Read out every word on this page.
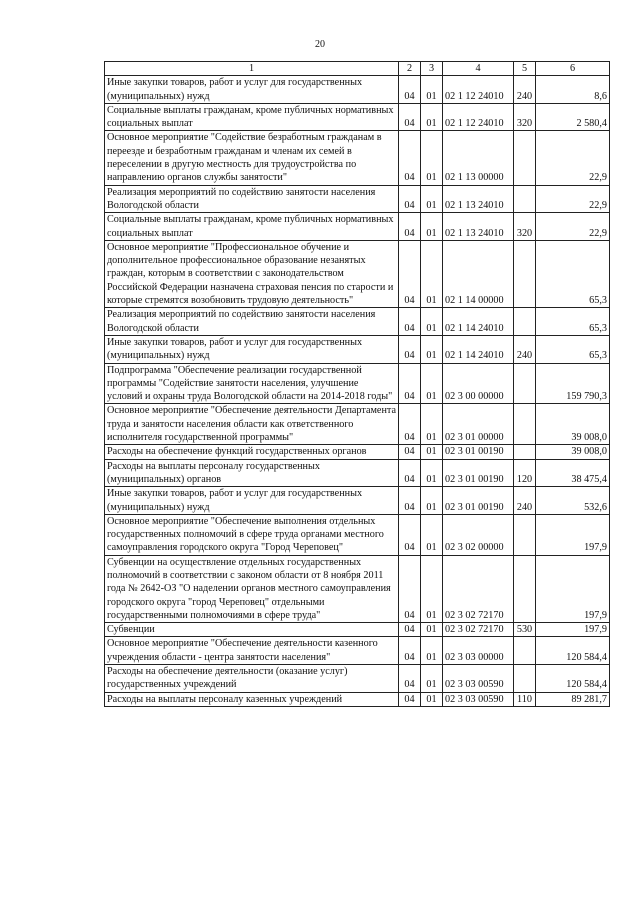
20
1	2	3	4	5	6
Иные закупки товаров, работ и услуг для государственных (муниципальных) нужд	04	01	02 1 12 24010	240	8,6
Социальные выплаты гражданам, кроме публичных нормативных социальных выплат	04	01	02 1 12 24010	320	2 580,4
Основное мероприятие "Содействие безработным гражданам в переезде и безработным гражданам и членам их семей в переселении в другую местность для трудоустройства по направлению органов службы занятости"	04	01	02 1 13 00000		22,9
Реализация мероприятий по содействию занятости населения Вологодской области	04	01	02 1 13 24010		22,9
Социальные выплаты гражданам, кроме публичных нормативных социальных выплат	04	01	02 1 13 24010	320	22,9
Основное мероприятие "Профессиональное обучение и дополнительное профессиональное образование незанятых граждан, которым в соответствии с законодательством Российской Федерации назначена страховая пенсия по старости и которые стремятся возобновить трудовую деятельность"	04	01	02 1 14 00000		65,3
Реализация мероприятий по содействию занятости населения Вологодской области	04	01	02 1 14 24010		65,3
Иные закупки товаров, работ и услуг для государственных (муниципальных) нужд	04	01	02 1 14 24010	240	65,3
Подпрограмма "Обеспечение реализации государственной программы "Содействие занятости населения, улучшение условий и охраны труда Вологодской области на 2014-2018 годы"	04	01	02 3 00 00000		159 790,3
Основное мероприятие "Обеспечение деятельности Департамента труда и занятости населения области как ответственного исполнителя государственной программы"	04	01	02 3 01 00000		39 008,0
Расходы на обеспечение функций государственных органов	04	01	02 3 01 00190		39 008,0
Расходы на выплаты персоналу государственных (муниципальных) органов	04	01	02 3 01 00190	120	38 475,4
Иные закупки товаров, работ и услуг для государственных (муниципальных) нужд	04	01	02 3 01 00190	240	532,6
Основное мероприятие "Обеспечение выполнения отдельных государственных полномочий в сфере труда органами местного самоуправления городского округа "Город Череповец"	04	01	02 3 02 00000		197,9
Субвенции на осуществление отдельных государственных полномочий в соответствии с законом области от 8 ноября 2011 года № 2642-ОЗ "О наделении органов местного самоуправления городского округа "город Череповец" отдельными государственными полномочиями в сфере труда"	04	01	02 3 02 72170		197,9
Субвенции	04	01	02 3 02 72170	530	197,9
Основное мероприятие "Обеспечение деятельности казенного учреждения области - центра занятости населения"	04	01	02 3 03 00000		120 584,4
Расходы на обеспечение деятельности (оказание услуг) государственных учреждений	04	01	02 3 03 00590		120 584,4
Расходы на выплаты персоналу казенных учреждений	04	01	02 3 03 00590	110	89 281,7
